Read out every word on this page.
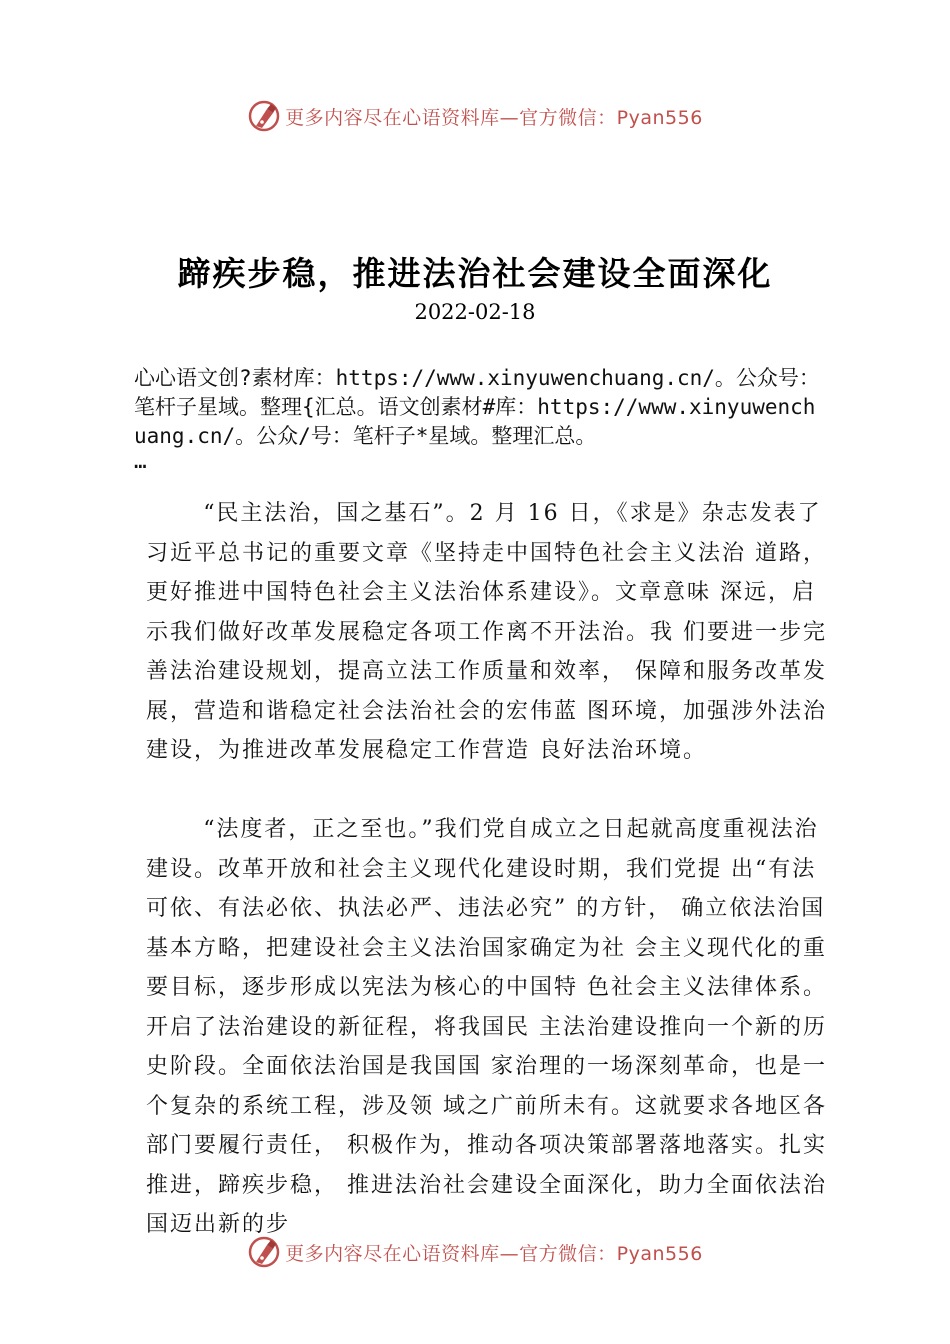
更多内容尽在心语资料库—官方微信：Pyan556
蹄疾步稳，推进法治社会建设全面深化
2022-02-18
心心语文创?素材库：https://www.xinyuwenchuang.cn/。公众号：笔杆子星域。整理{汇总。语文创素材#库：https://www.xinyuwenchuang.cn/。公众/号：笔杆子*星域。整理汇总。
…

“民主法治，国之基石”。2 月 16 日，《求是》杂志发表了习近平总书记的重要文章《坚持走中国特色社会主义法治 道路，更好推进中国特色社会主义法治体系建设》。文章意味 深远，启示我们做好改革发展稳定各项工作离不开法治。我 们要进一步完善法治建设规划，提高立法工作质量和效率， 保障和服务改革发展，营造和谐稳定社会法治社会的宏伟蓝 图环境，加强涉外法治建设，为推进改革发展稳定工作营造 良好法治环境。

“法度者，正之至也。”我们党自成立之日起就高度重视法治建设。改革开放和社会主义现代化建设时期，我们党提 出“有法可依、有法必依、执法必严、违法必究” 的方针， 确立依法治国基本方略，把建设社会主义法治国家确定为社 会主义现代化的重要目标，逐步形成以宪法为核心的中国特 色社会主义法律体系。开启了法治建设的新征程，将我国民 主法治建设推向一个新的历史阶段。全面依法治国是我国国 家治理的一场深刻革命，也是一个复杂的系统工程，涉及领 域之广前所未有。这就要求各地区各部门要履行责任， 积极作为，推动各项决策部署落地落实。扎实推进，蹄疾步稳， 推进法治社会建设全面深化，助力全面依法治国迈出新的步

更多内容尽在心语资料库—官方微信：Pyan556
